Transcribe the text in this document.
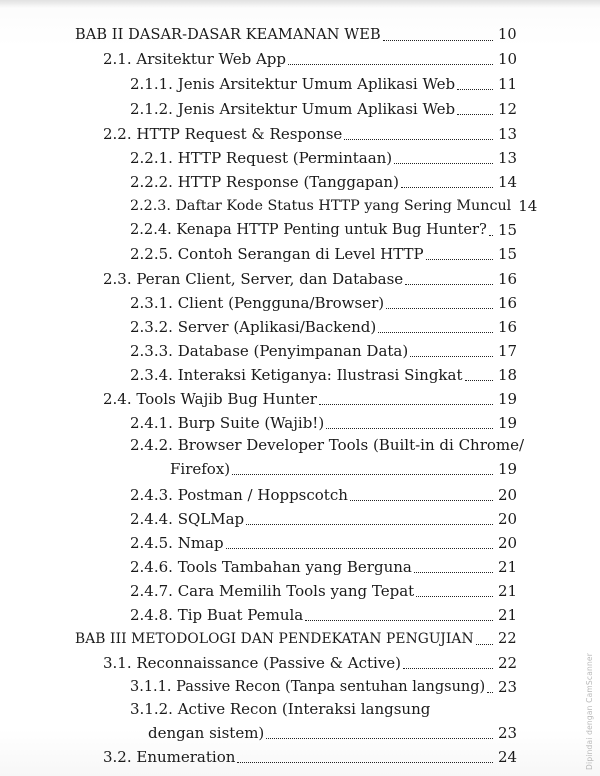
BAB II DASAR-DASAR KEAMANAN WEB	10
2.1. Arsitektur Web App	10
2.1.1. Jenis Arsitektur Umum Aplikasi Web	11
2.1.2. Jenis Arsitektur Umum Aplikasi Web	12
2.2. HTTP Request & Response	13
2.2.1. HTTP Request (Permintaan)	13
2.2.2. HTTP Response (Tanggapan)	14
2.2.3. Daftar Kode Status HTTP yang Sering Muncul 14
2.2.4. Kenapa HTTP Penting untuk Bug Hunter? 15
2.2.5. Contoh Serangan di Level HTTP	15
2.3. Peran Client, Server, dan Database	16
2.3.1. Client (Pengguna/Browser)	16
2.3.2. Server (Aplikasi/Backend)	16
2.3.3. Database (Penyimpanan Data)	17
2.3.4. Interaksi Ketiganya: Ilustrasi Singkat 18
2.4. Tools Wajib Bug Hunter	19
2.4.1. Burp Suite (Wajib!)	19
2.4.2. Browser Developer Tools (Built-in di Chrome/
Firefox)	19
2.4.3. Postman / Hoppscotch	20
2.4.4. SQLMap	20
2.4.5. Nmap	20
2.4.6. Tools Tambahan yang Berguna	21
2.4.7. Cara Memilih Tools yang Tepat	21
2.4.8. Tip Buat Pemula	21
BAB III METODOLOGI DAN PENDEKATAN PENGUJIAN 22
3.1. Reconnaissance (Passive & Active)	22
3.1.1. Passive Recon (Tanpa sentuhan langsung) 23
3.1.2. Active Recon (Interaksi langsung
dengan sistem)	23
3.2. Enumeration	24	Dipindai dengan CamScanner
